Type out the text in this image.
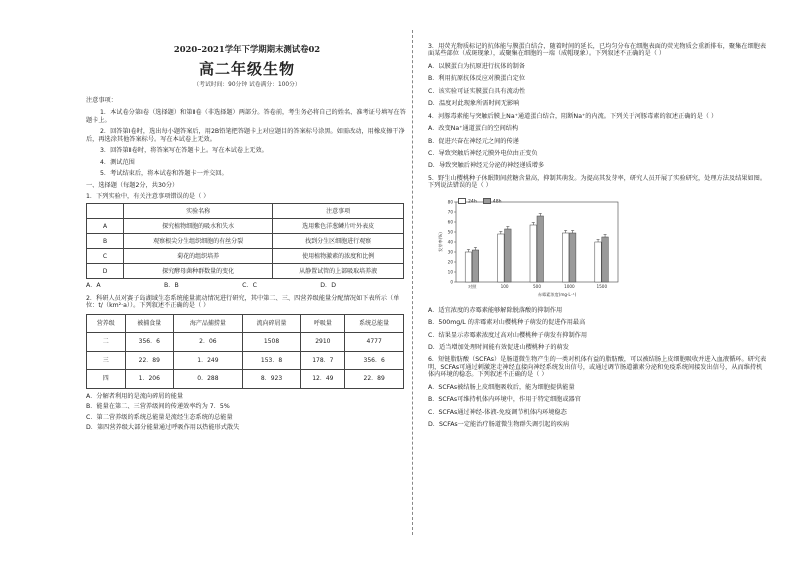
2020–2021学年下学期期末测试卷02
高二年级生物
（考试时间：90分钟 试卷满分：100分）

注意事项：

1．本试卷分第Ⅰ卷（选择题）和第Ⅱ卷（非选择题）两部分。答卷前，考生务必将自己的姓名、准考证号填写在答题卡上。

2．回答第Ⅰ卷时，选出每小题答案后，用2B铅笔把答题卡上对应题目的答案标号涂黑。如需改动，用橡皮擦干净后，再选涂其他答案标号。写在本试卷上无效。

3．回答第Ⅱ卷时，将答案写在答题卡上。写在本试卷上无效。

4．测试范围

5．考试结束后，将本试卷和答题卡一并交回。

一、选择题（每题2分，共30分）

1．下列实验中，有关注意事项错误的是（ ）

	实验名称	注意事项
A	探究植物细胞的吸水和失水	选用紫色洋葱鳞片叶外表皮
B	观察根尖分生组织细胞的有丝分裂	找到分生区细胞进行观察
C	菊花的组织培养	使用植物激素的浓度和比例
D	探究酵母菌种群数量的变化	从静置试管的上部吸取培养液
A．A	B．B	C．C	D．D

2．科研人员对赛子岛湖域生态系统能量流动情况进行研究，其中第二、三、四营养级能量分配情况如下表所示（单位：t/（km²·a））。下列叙述不正确的是（ ）

营养级	被捕食量	海产品捕捞量	流向碎屑量	呼吸量	系统总能量
二	356．6	2．06	1508	2910	4777
三	22．89	1．249	153．8	178．7	356．6
四	1．206	0．288	8．923	12．49	22．89

A．分解者利用的是流向碎屑的能量

B．能量在第二、三营养级间的传递效率约为 7．5%

C．第二营养级的系统总能量是流经生态系统的总能量

D．第四营养级大部分能量通过呼吸作用以热能形式散失

3．用荧光物质标记的抗体能与膜蛋白结合，随着时间的延长，已均匀分布在细胞表面的荧光物质会重新排布，聚集在细胞表面某些部位（成斑现象），或聚集在细胞的一端（成帽现象）。下列叙述不正确的是（ ）

A．以膜蛋白为抗原进行抗体的制备

B．利用抗原抗体反应对膜蛋白定位

C．该实验可证实膜蛋白具有流动性

D．温度对此现象所需时间无影响

4．河豚毒素能与突触后膜上Na⁺通道蛋白结合，阻断Na⁺的内流。下列关于河豚毒素的叙述正确的是（ ）

A．改变Na⁺通道蛋白的空间结构

B．促进兴奋在神经元之间的传递

C．导致突触后神经元膜外电位由正变负

D．导致突触后神经元分泌的神经递质增多

5．野生山樱桃种子休眠期间蔗糖含量高，抑制其萌发。为提高其发芽率，研究人员开展了实验研究，处理方法及结果如图。下列说法错误的是（ ）

0
10
20
30
40
50
60
70
80
发芽率(%)
对照	100	500	1000	1500
赤霉素浓度(mg·L⁻¹)
24h	48h

A．适宜浓度的赤霉素能够解除脱落酸的抑制作用

B．500mg/L 的赤霉素对山樱桃种子萌发的促进作用最高

C．结果显示赤霉素浓度过高对山樱桃种子萌发有抑制作用

D．适当增加处理时间能有效促进山樱桃种子的萌发

6．短链脂肪酸（SCFAs）是肠道微生物产生的一类对机体有益的脂肪酸，可以被结肠上皮细胞吸收并进入血液循环。研究表明，SCFAs可通过刺激迷走神经直接向神经系统发出信号，或通过调节肠道激素分泌和免疫系统间接发出信号，从而维持机体内环境的稳态。下列叙述不正确的是（ ）

A．SCFAs被结肠上皮细胞吸收后，能为细胞提供能量

B．SCFAs可维持机体内环境中，作用于特定细胞或器官

C．SCFAs通过神经-体液-免疫调节机体内环境稳态

D．SCFAs一定能治疗肠道微生物群失调引起的疾病
